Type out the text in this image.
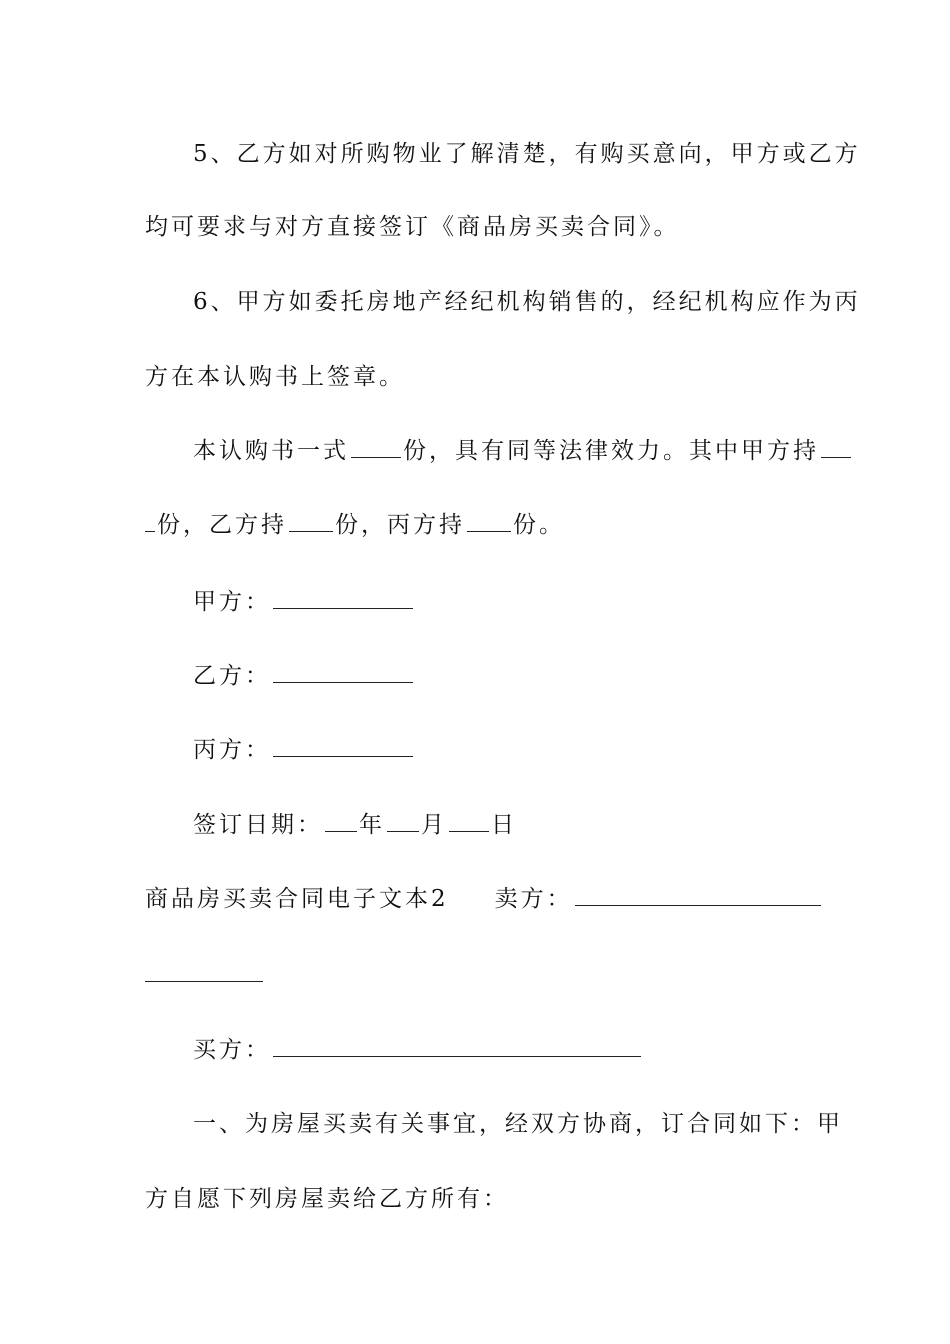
5、乙方如对所购物业了解清楚，有购买意向，甲方或乙方
均可要求与对方直接签订《商品房买卖合同》。
6、甲方如委托房地产经纪机构销售的，经纪机构应作为丙
方在本认购书上签章。
本认购书一式 份，具有同等法律效力。其中甲方持
份，乙方持 份，丙方持 份。
甲方：
乙方：
丙方：
签订日期： 年 月 日
商品房买卖合同电子文本2 卖方：
买方：
一、为房屋买卖有关事宜，经双方协商，订合同如下：甲
方自愿下列房屋卖给乙方所有：
